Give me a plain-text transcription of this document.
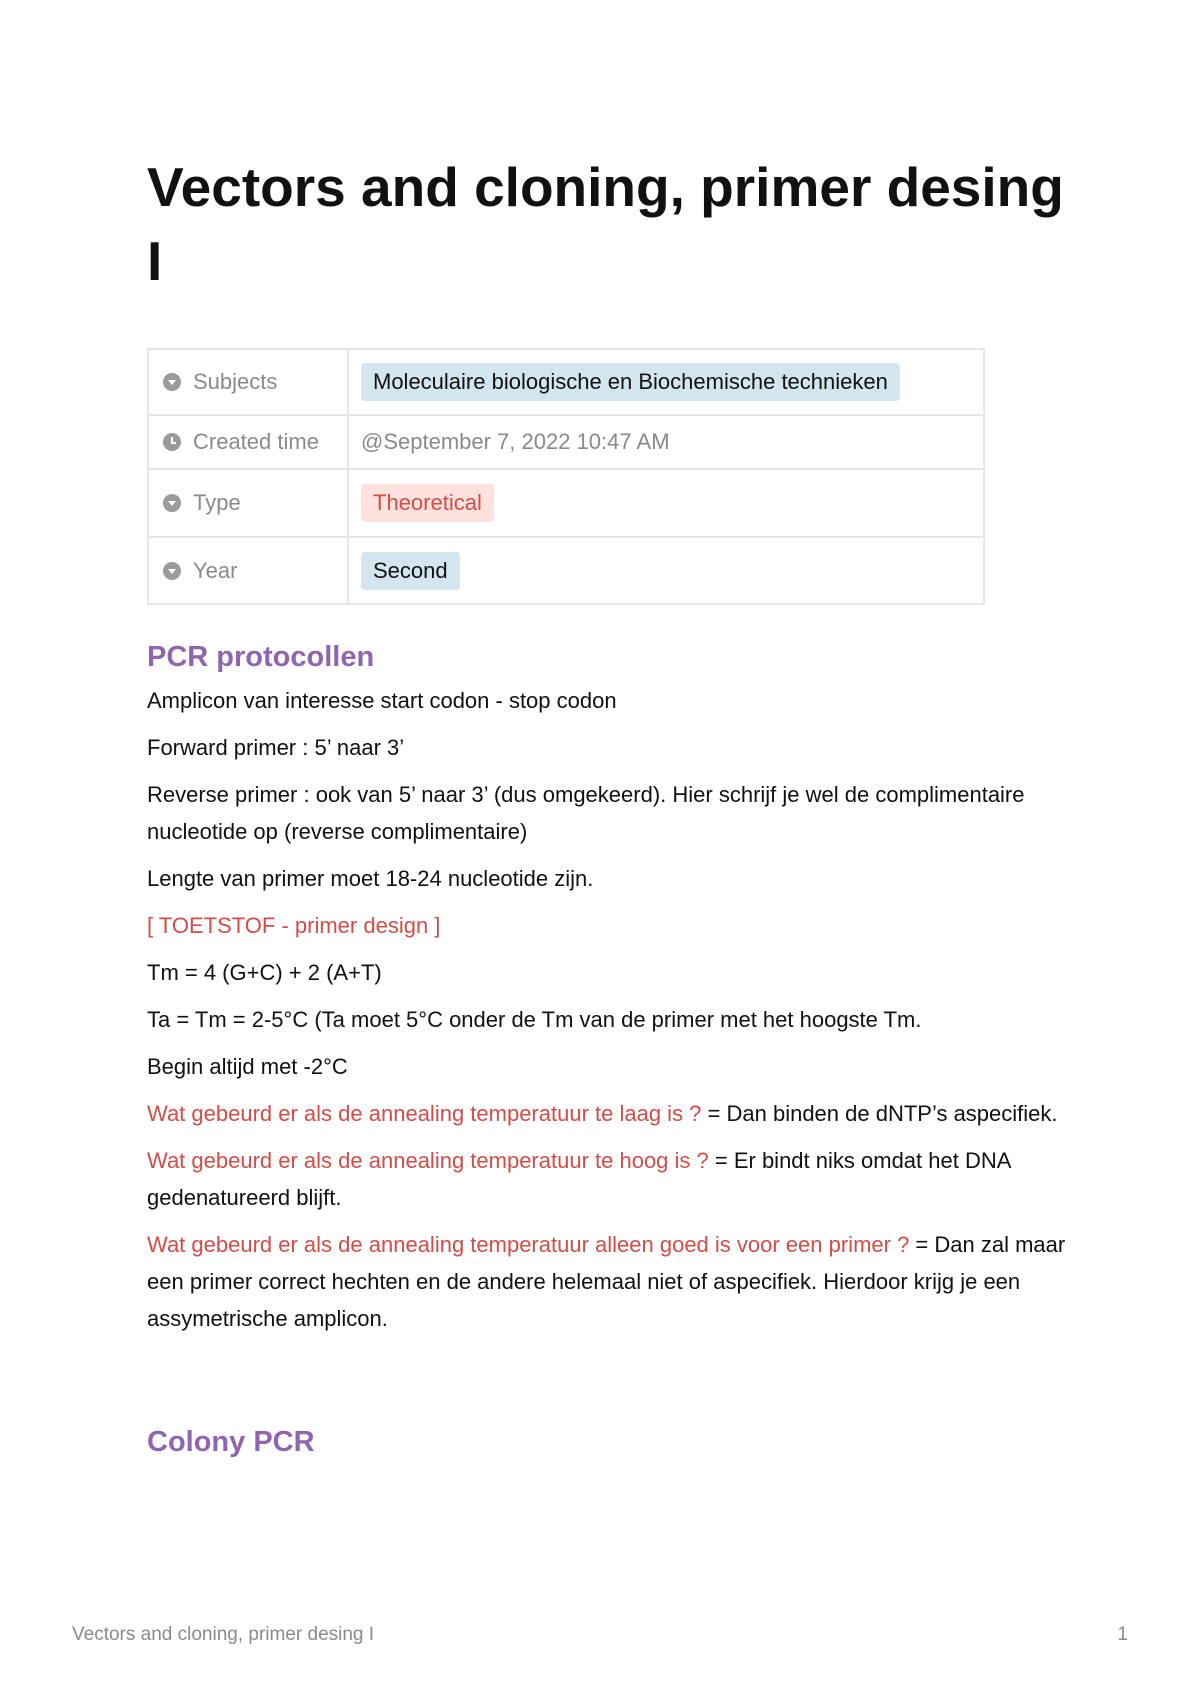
Vectors and cloning, primer desing I
Subjects	Moleculaire biologische en Biochemische technieken
Created time	@September 7, 2022 10:47 AM
Type	Theoretical
Year	Second
PCR protocollen

Amplicon van interesse start codon - stop codon

Forward primer : 5’ naar 3’

Reverse primer : ook van 5’ naar 3’ (dus omgekeerd). Hier schrijf je wel de complimentaire nucleotide op (reverse complimentaire)

Lengte van primer moet 18-24 nucleotide zijn.

[ TOETSTOF - primer design ]

Tm = 4 (G+C) + 2 (A+T)

Ta = Tm = 2-5°C (Ta moet 5°C onder de Tm van de primer met het hoogste Tm.

Begin altijd met -2°C

Wat gebeurd er als de annealing temperatuur te laag is ? = Dan binden de dNTP’s aspecifiek.

Wat gebeurd er als de annealing temperatuur te hoog is ? = Er bindt niks omdat het DNA gedenatureerd blijft.

Wat gebeurd er als de annealing temperatuur alleen goed is voor een primer ? = Dan zal maar een primer correct hechten en de andere helemaal niet of aspecifiek. Hierdoor krijg je een assymetrische amplicon.

Colony PCR
Vectors and cloning, primer desing I	1
